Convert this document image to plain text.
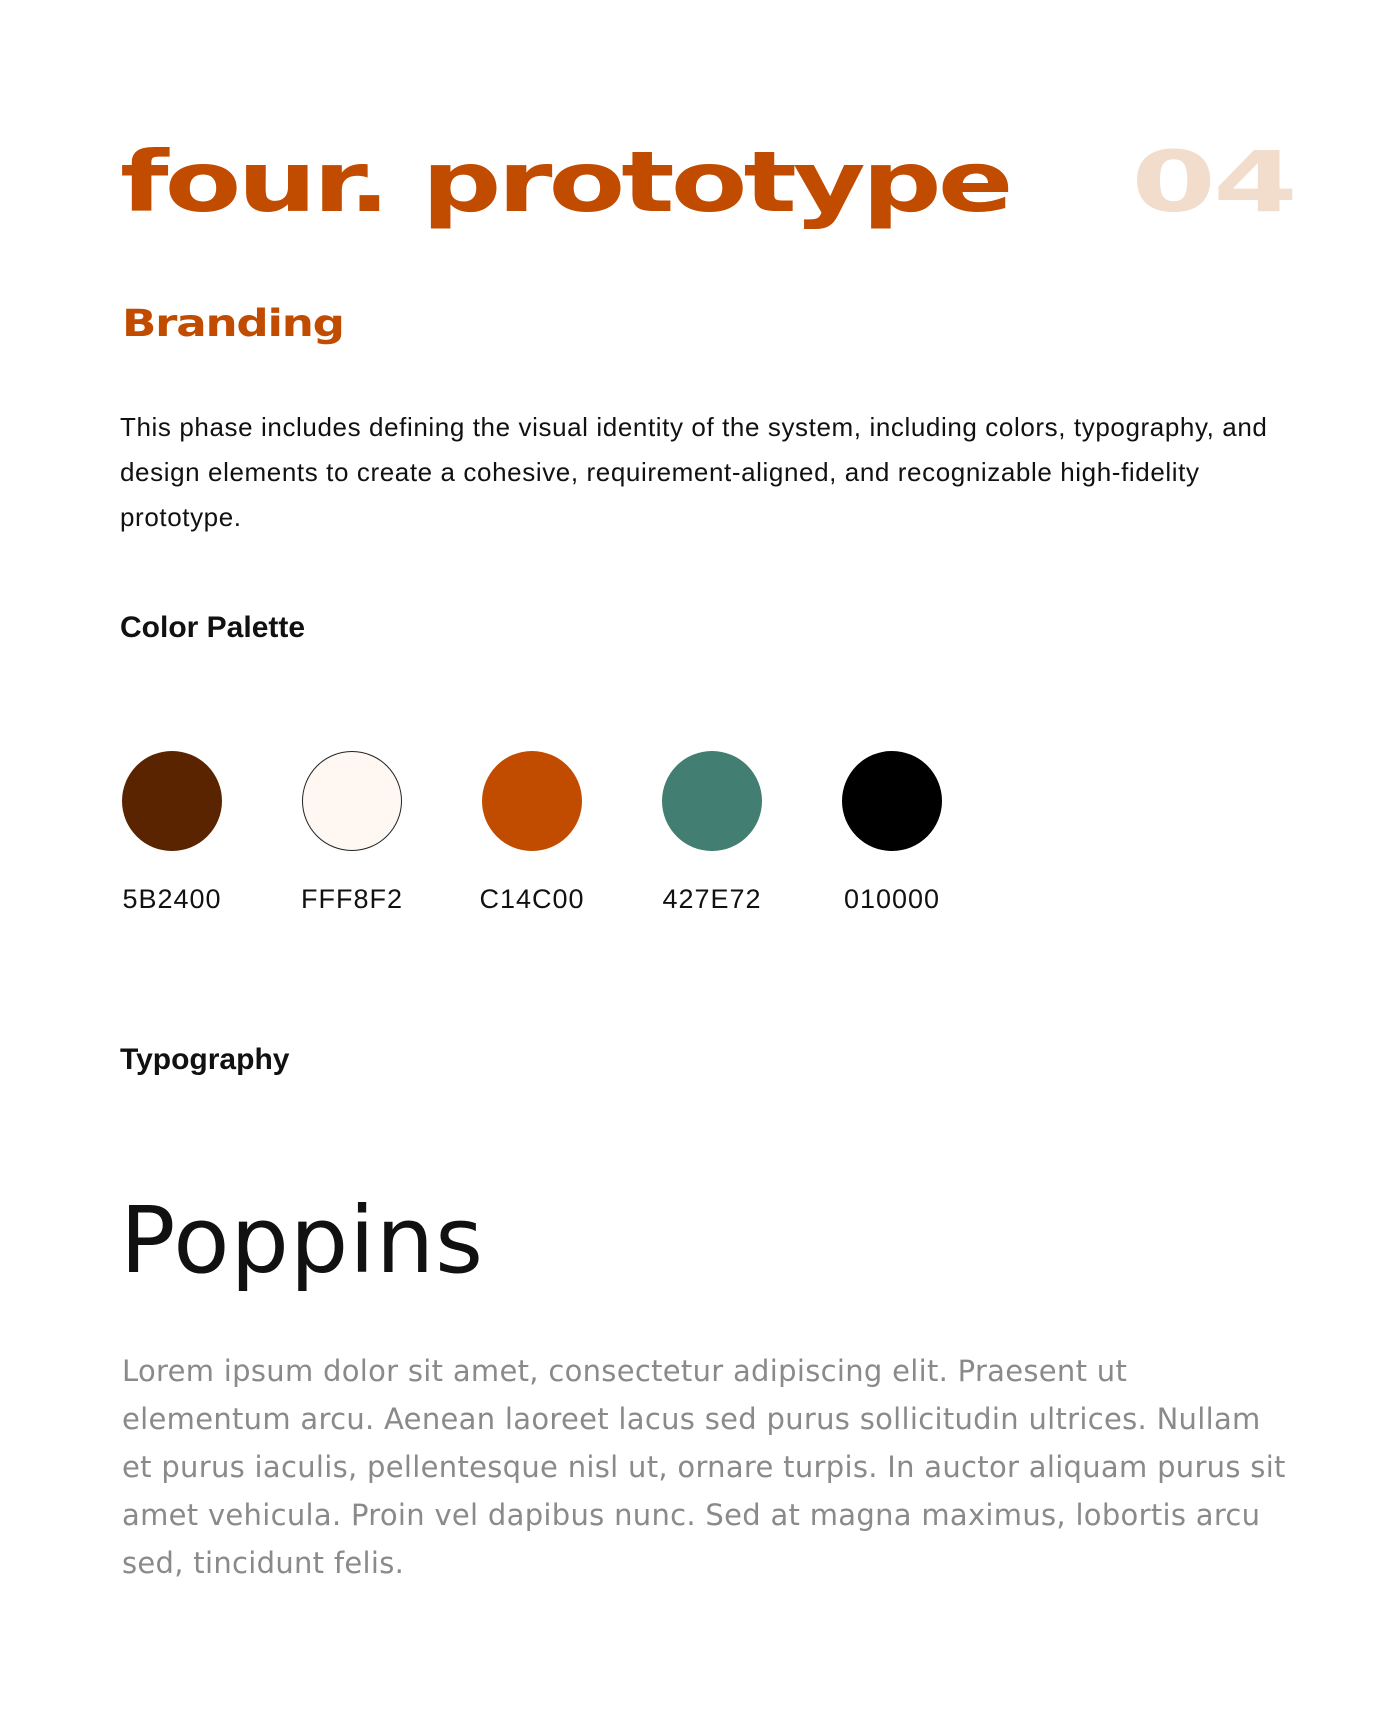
four. prototype 04
Branding

This phase includes defining the visual identity of the system, including colors, typography, and design elements to create a cohesive, requirement-aligned, and recognizable high-fidelity prototype.

Color Palette
5B2400	FFF8F2	C14C00	427E72	010000
Typography
Poppins

Lorem ipsum dolor sit amet, consectetur adipiscing elit. Praesent ut elementum arcu. Aenean laoreet lacus sed purus sollicitudin ultrices. Nullam et purus iaculis, pellentesque nisl ut, ornare turpis. In auctor aliquam purus sit amet vehicula. Proin vel dapibus nunc. Sed at magna maximus, lobortis arcu sed, tincidunt felis.
